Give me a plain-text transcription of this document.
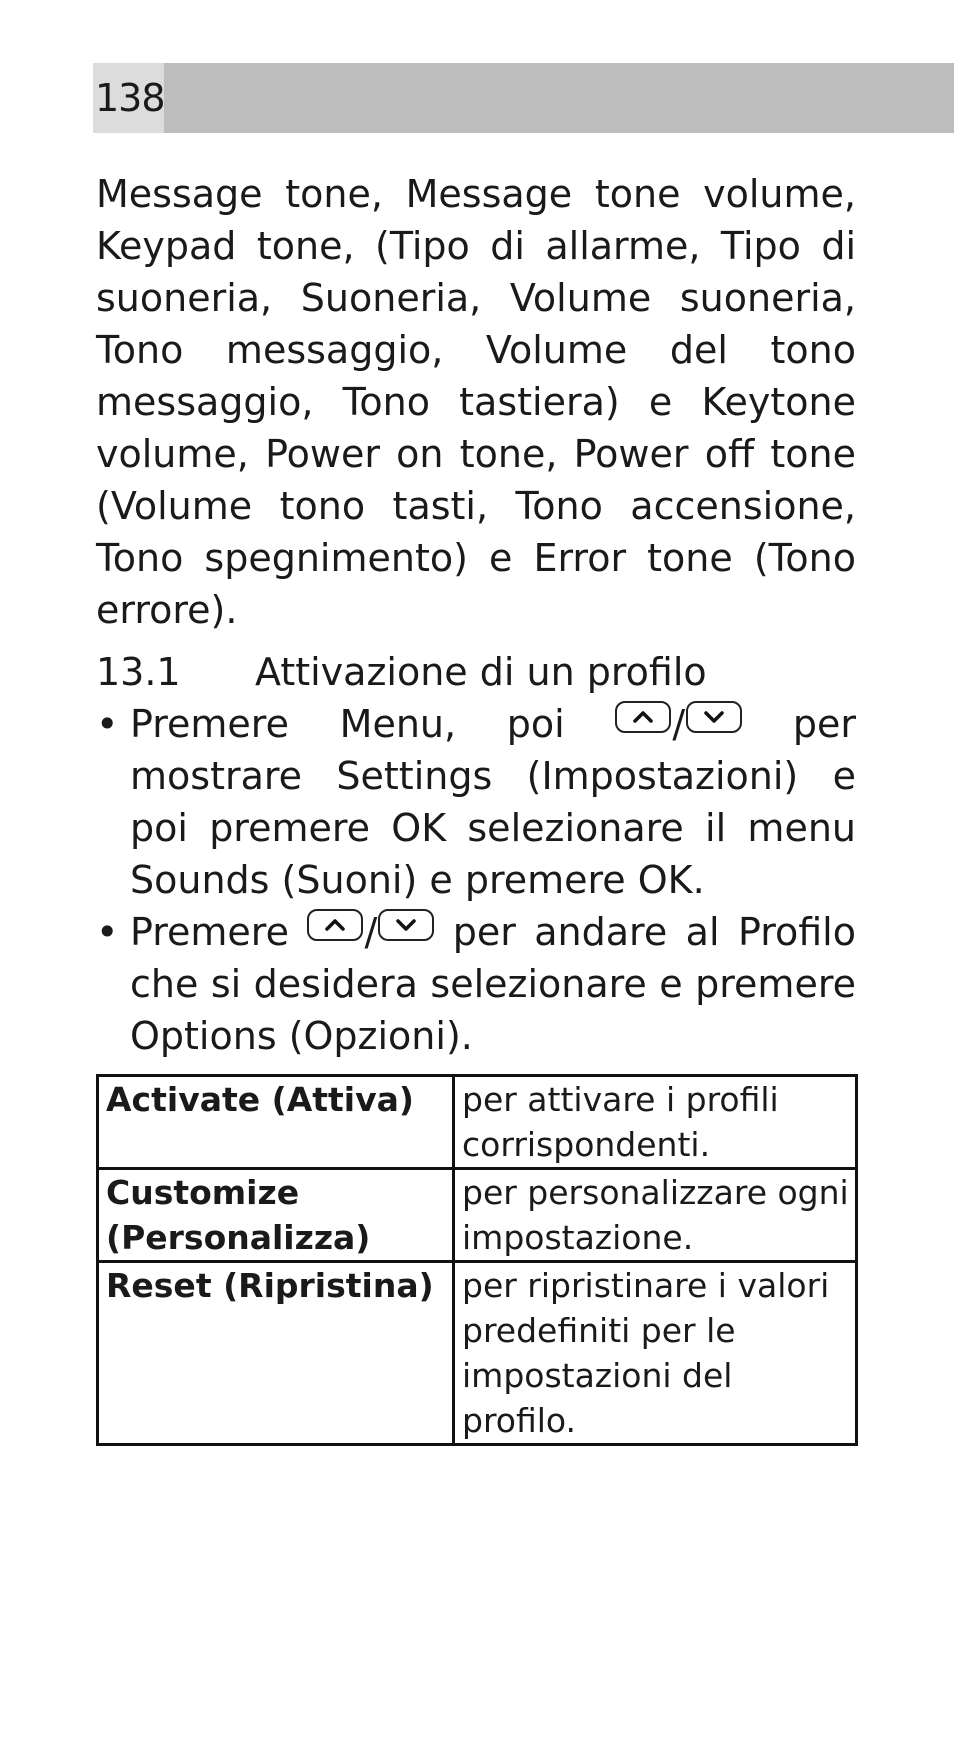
138

Message tone, Message tone volume, Keypad tone, (Tipo di allarme, Tipo di suoneria, Suoneria, Volume suoneria, Tono messaggio, Volume del tono messaggio, Tono tastiera) e Keytone volume, Power on tone, Power off tone (Volume tono tasti, Tono accensione, Tono spegnimento) e Error tone (Tono errore).

13.1 Attivazione di un profilo
• Premere Menu, poi
/
per mostrare Settings (Impostazioni) e poi premere OK selezionare il menu Sounds (Suoni) e premere OK.
• Premere
/
per andare al Profilo che si desidera selezionare e premere Options (Opzioni).
Activate (Attiva)	per attivare i profili corrispondenti.
Customize (Personalizza)	per personalizzare ogni impostazione.
Reset (Ripristina)	per ripristinare i valori predefiniti per le impostazioni del profilo.
